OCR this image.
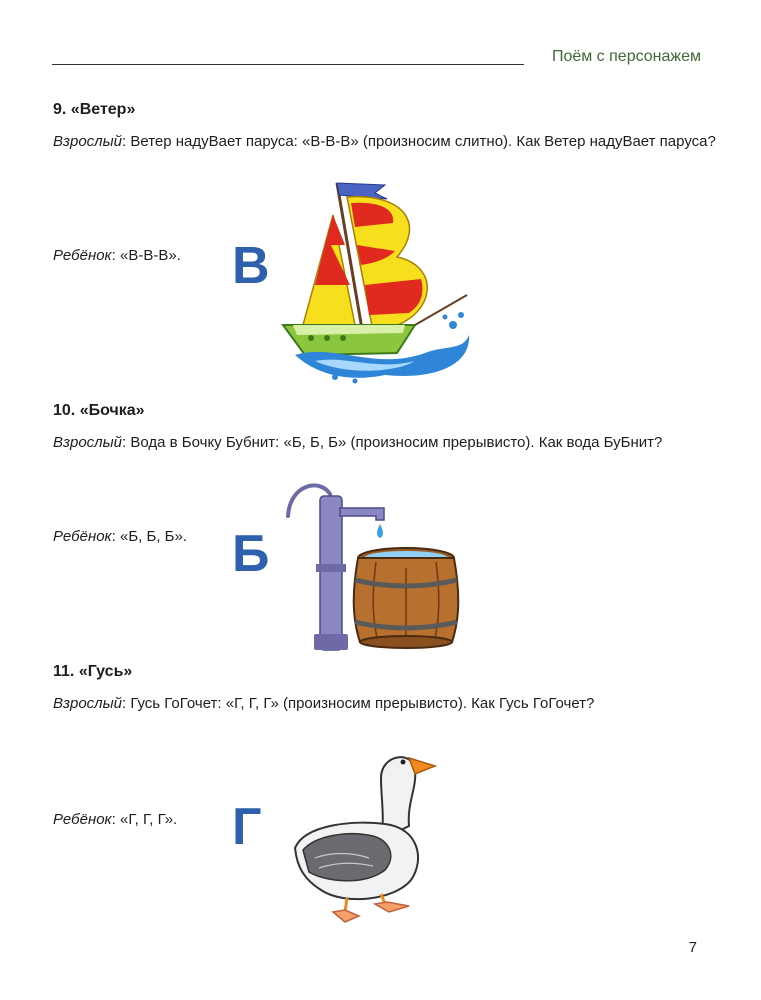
Поём с персонажем
9. «Ветер»
Взрослый: Ветер надуВает паруса: «В-В-В» (произносим слитно). Как Ветер надуВает паруса?
Ребёнок: «В-В-В». В
10. «Бочка»
Взрослый: Вода в Бочку Бубнит: «Б, Б, Б» (произносим прерывисто). Как вода БуБнит?
Ребёнок: «Б, Б, Б». Б
11. «Гусь»
Взрослый: Гусь ГоГочет: «Г, Г, Г» (произносим прерывисто). Как Гусь ГоГочет?
Ребёнок: «Г, Г, Г». Г
7
